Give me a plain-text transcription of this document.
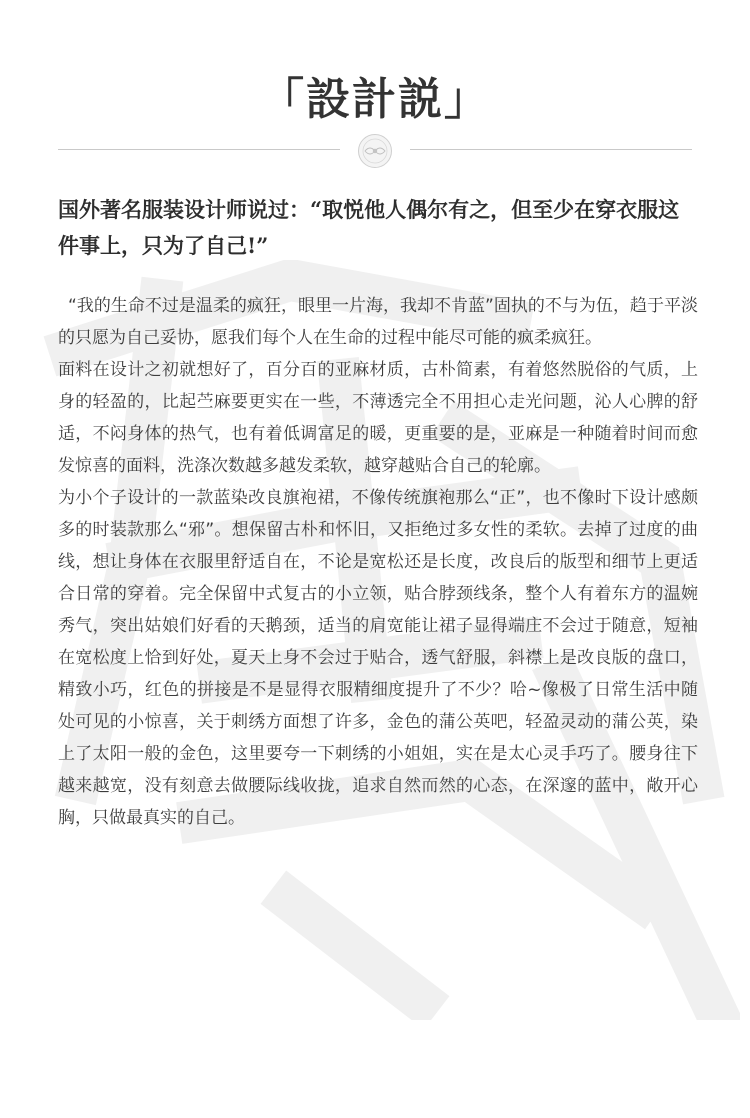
「設計説」
国外著名服装设计师说过：“取悦他人偶尔有之，但至少在穿衣服这件事上，只为了自己!”

“我的生命不过是温柔的疯狂，眼里一片海，我却不肯蓝”固执的不与为伍，趋于平淡的只愿为自己妥协，愿我们每个人在生命的过程中能尽可能的疯柔疯狂。

面料在设计之初就想好了，百分百的亚麻材质，古朴简素，有着悠然脱俗的气质，上身的轻盈的，比起苎麻要更实在一些，不薄透完全不用担心走光问题，沁人心脾的舒适，不闷身体的热气，也有着低调富足的暖，更重要的是，亚麻是一种随着时间而愈发惊喜的面料，洗涤次数越多越发柔软，越穿越贴合自己的轮廓。

为小个子设计的一款蓝染改良旗袍裙，不像传统旗袍那么“正”，也不像时下设计感颇多的时装款那么“邪”。想保留古朴和怀旧，又拒绝过多女性的柔软。去掉了过度的曲线，想让身体在衣服里舒适自在，不论是宽松还是长度，改良后的版型和细节上更适合日常的穿着。完全保留中式复古的小立领，贴合脖颈线条，整个人有着东方的温婉秀气，突出姑娘们好看的天鹅颈，适当的肩宽能让裙子显得端庄不会过于随意，短袖在宽松度上恰到好处，夏天上身不会过于贴合，透气舒服，斜襟上是改良版的盘口，精致小巧，红色的拼接是不是显得衣服精细度提升了不少？哈~像极了日常生活中随处可见的小惊喜，关于刺绣方面想了许多，金色的蒲公英吧，轻盈灵动的蒲公英，染上了太阳一般的金色，这里要夸一下刺绣的小姐姐，实在是太心灵手巧了。腰身往下越来越宽，没有刻意去做腰际线收拢，追求自然而然的心态，在深邃的蓝中，敞开心胸，只做最真实的自己。
